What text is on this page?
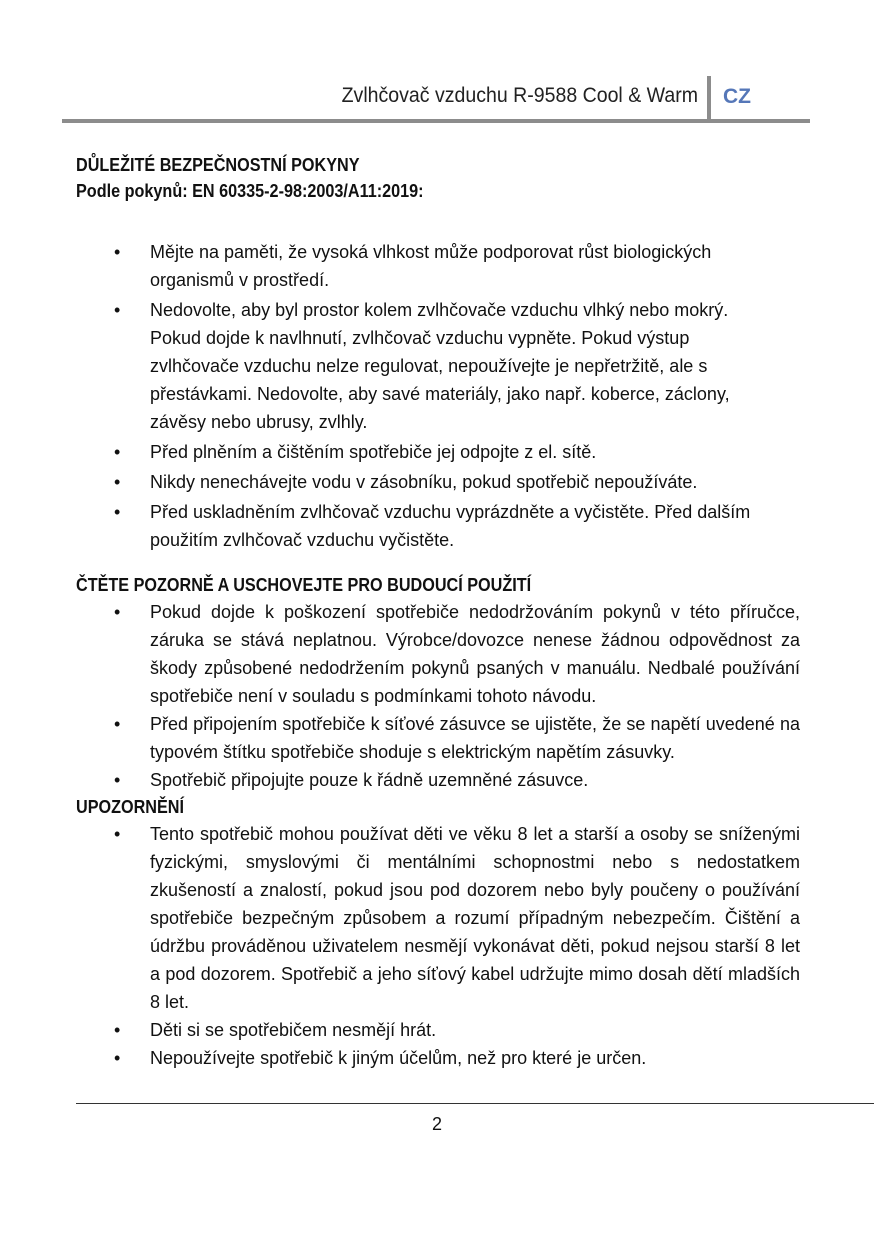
Zvlhčovač vzduchu R-9588 Cool & Warm CZ
DŮLEŽITÉ BEZPEČNOSTNÍ POKYNY
Podle pokynů: EN 60335-2-98:2003/A11:2019:
• Mějte na paměti, že vysoká vlhkost může podporovat růst biologických organismů v prostředí.
• Nedovolte, aby byl prostor kolem zvlhčovače vzduchu vlhký nebo mokrý. Pokud dojde k navlhnutí, zvlhčovač vzduchu vypněte. Pokud výstup zvlhčovače vzduchu nelze regulovat, nepoužívejte je nepřetržitě, ale s přestávkami. Nedovolte, aby savé materiály, jako např. koberce, záclony, závěsy nebo ubrusy, zvlhly.
• Před plněním a čištěním spotřebiče jej odpojte z el. sítě.
• Nikdy nenechávejte vodu v zásobníku, pokud spotřebič nepoužíváte.
• Před uskladněním zvlhčovač vzduchu vyprázdněte a vyčistěte. Před dalším použitím zvlhčovač vzduchu vyčistěte.
ČTĚTE POZORNĚ A USCHOVEJTE PRO BUDOUCÍ POUŽITÍ
• Pokud dojde k poškození spotřebiče nedodržováním pokynů v této příručce, záruka se stává neplatnou. Výrobce/dovozce nenese žádnou odpovědnost za škody způsobené nedodržením pokynů psaných v manuálu. Nedbalé používání spotřebiče není v souladu s podmínkami tohoto návodu.
• Před připojením spotřebiče k síťové zásuvce se ujistěte, že se napětí uvedené na typovém štítku spotřebiče shoduje s elektrickým napětím zásuvky.
• Spotřebič připojujte pouze k řádně uzemněné zásuvce.
UPOZORNĚNÍ
• Tento spotřebič mohou používat děti ve věku 8 let a starší a osoby se sníženými fyzickými, smyslovými či mentálními schopnostmi nebo s nedostatkem zkušeností a znalostí, pokud jsou pod dozorem nebo byly poučeny o používání spotřebiče bezpečným způsobem a rozumí případným nebezpečím. Čištění a údržbu prováděnou uživatelem nesmějí vykonávat děti, pokud nejsou starší 8 let a pod dozorem. Spotřebič a jeho síťový kabel udržujte mimo dosah dětí mladších 8 let.
• Děti si se spotřebičem nesmějí hrát.
• Nepoužívejte spotřebič k jiným účelům, než pro které je určen.
2
